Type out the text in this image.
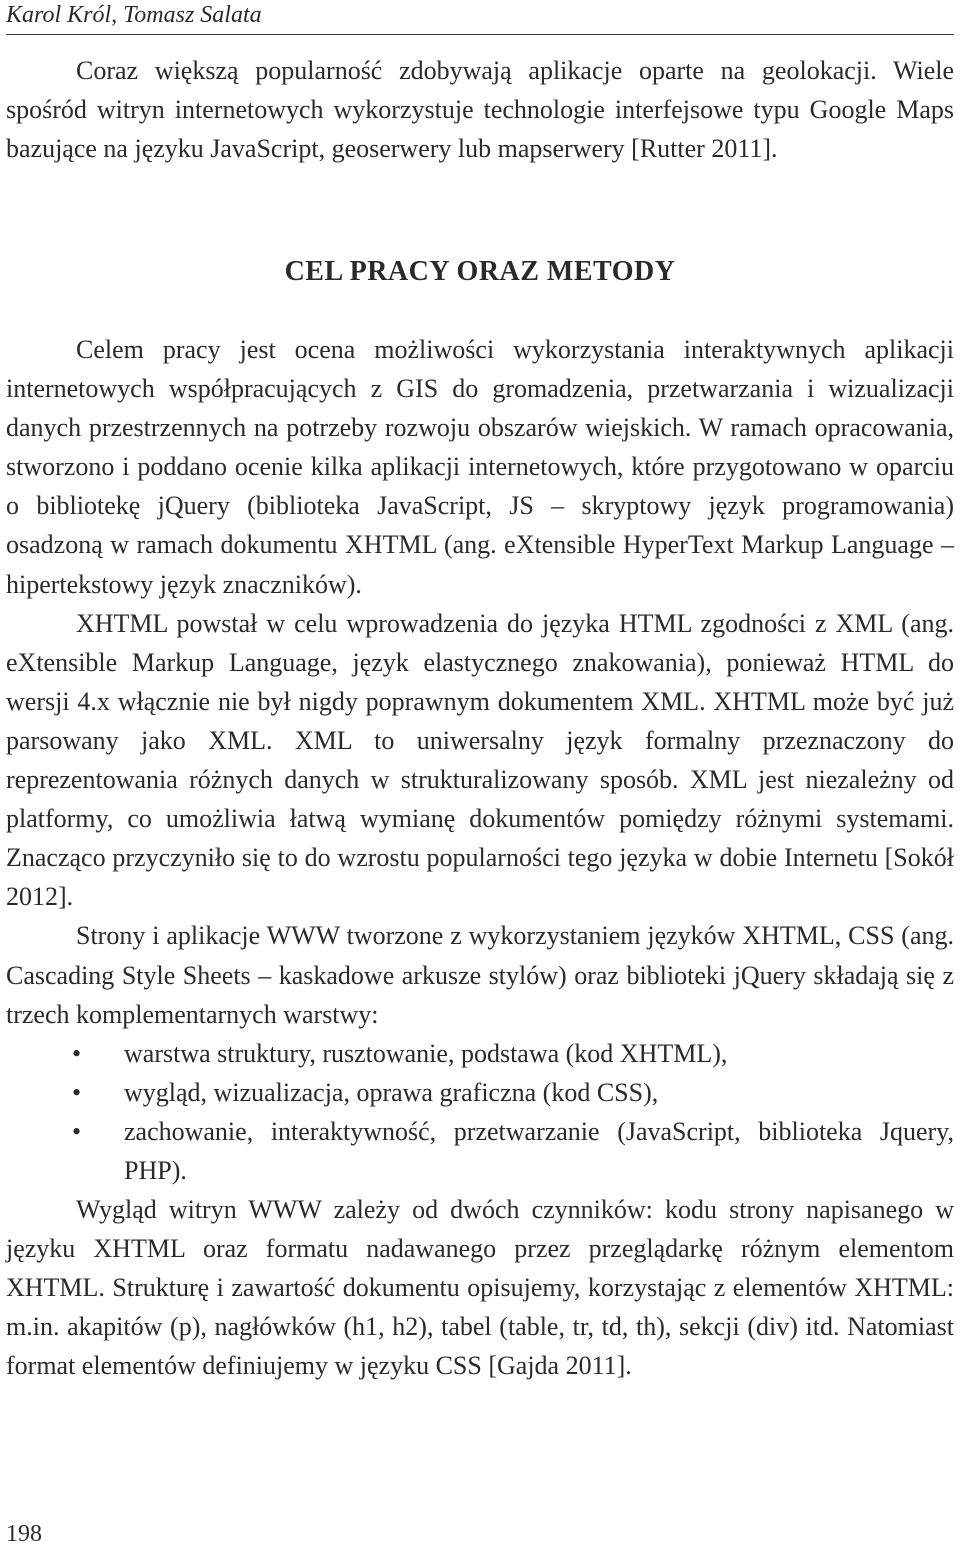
Karol Król, Tomasz Salata

Coraz większą popularność zdobywają aplikacje oparte na geolokacji. Wiele spośród witryn internetowych wykorzystuje technologie interfejsowe typu Google Maps bazujące na języku JavaScript, geoserwery lub mapserwery [Rutter 2011].

CEL PRACY ORAZ METODY

Celem pracy jest ocena możliwości wykorzystania interaktywnych aplikacji internetowych współpracujących z GIS do gromadzenia, przetwarzania i wizualizacji danych przestrzennych na potrzeby rozwoju obszarów wiejskich. W ramach opracowania, stworzono i poddano ocenie kilka aplikacji internetowych, które przygotowano w oparciu o bibliotekę jQuery (biblioteka JavaScript, JS – skryptowy język programowania) osadzoną w ramach dokumentu XHTML (ang. eXtensible HyperText Markup Language – hipertekstowy język znaczników).

XHTML powstał w celu wprowadzenia do języka HTML zgodności z XML (ang. eXtensible Markup Language, język elastycznego znakowania), ponieważ HTML do wersji 4.x włącznie nie był nigdy poprawnym dokumentem XML. XHTML może być już parsowany jako XML. XML to uniwersalny język formalny przeznaczony do reprezentowania różnych danych w strukturalizowany sposób. XML jest niezależny od platformy, co umożliwia łatwą wymianę dokumentów pomiędzy różnymi systemami. Znacząco przyczyniło się to do wzrostu popularności tego języka w dobie Internetu [Sokół 2012].

Strony i aplikacje WWW tworzone z wykorzystaniem języków XHTML, CSS (ang. Cascading Style Sheets – kaskadowe arkusze stylów) oraz biblioteki jQuery składają się z trzech komplementarnych warstwy:

• warstwa struktury, rusztowanie, podstawa (kod XHTML),
• wygląd, wizualizacja, oprawa graficzna (kod CSS),
• zachowanie, interaktywność, przetwarzanie (JavaScript, biblioteka Jquery, PHP).

Wygląd witryn WWW zależy od dwóch czynników: kodu strony napisanego w języku XHTML oraz formatu nadawanego przez przeglądarkę różnym elementom XHTML. Strukturę i zawartość dokumentu opisujemy, korzystając z elementów XHTML: m.in. akapitów (p), nagłówków (h1, h2), tabel (table, tr, td, th), sekcji (div) itd. Natomiast format elementów definiujemy w języku CSS [Gajda 2011].

198
